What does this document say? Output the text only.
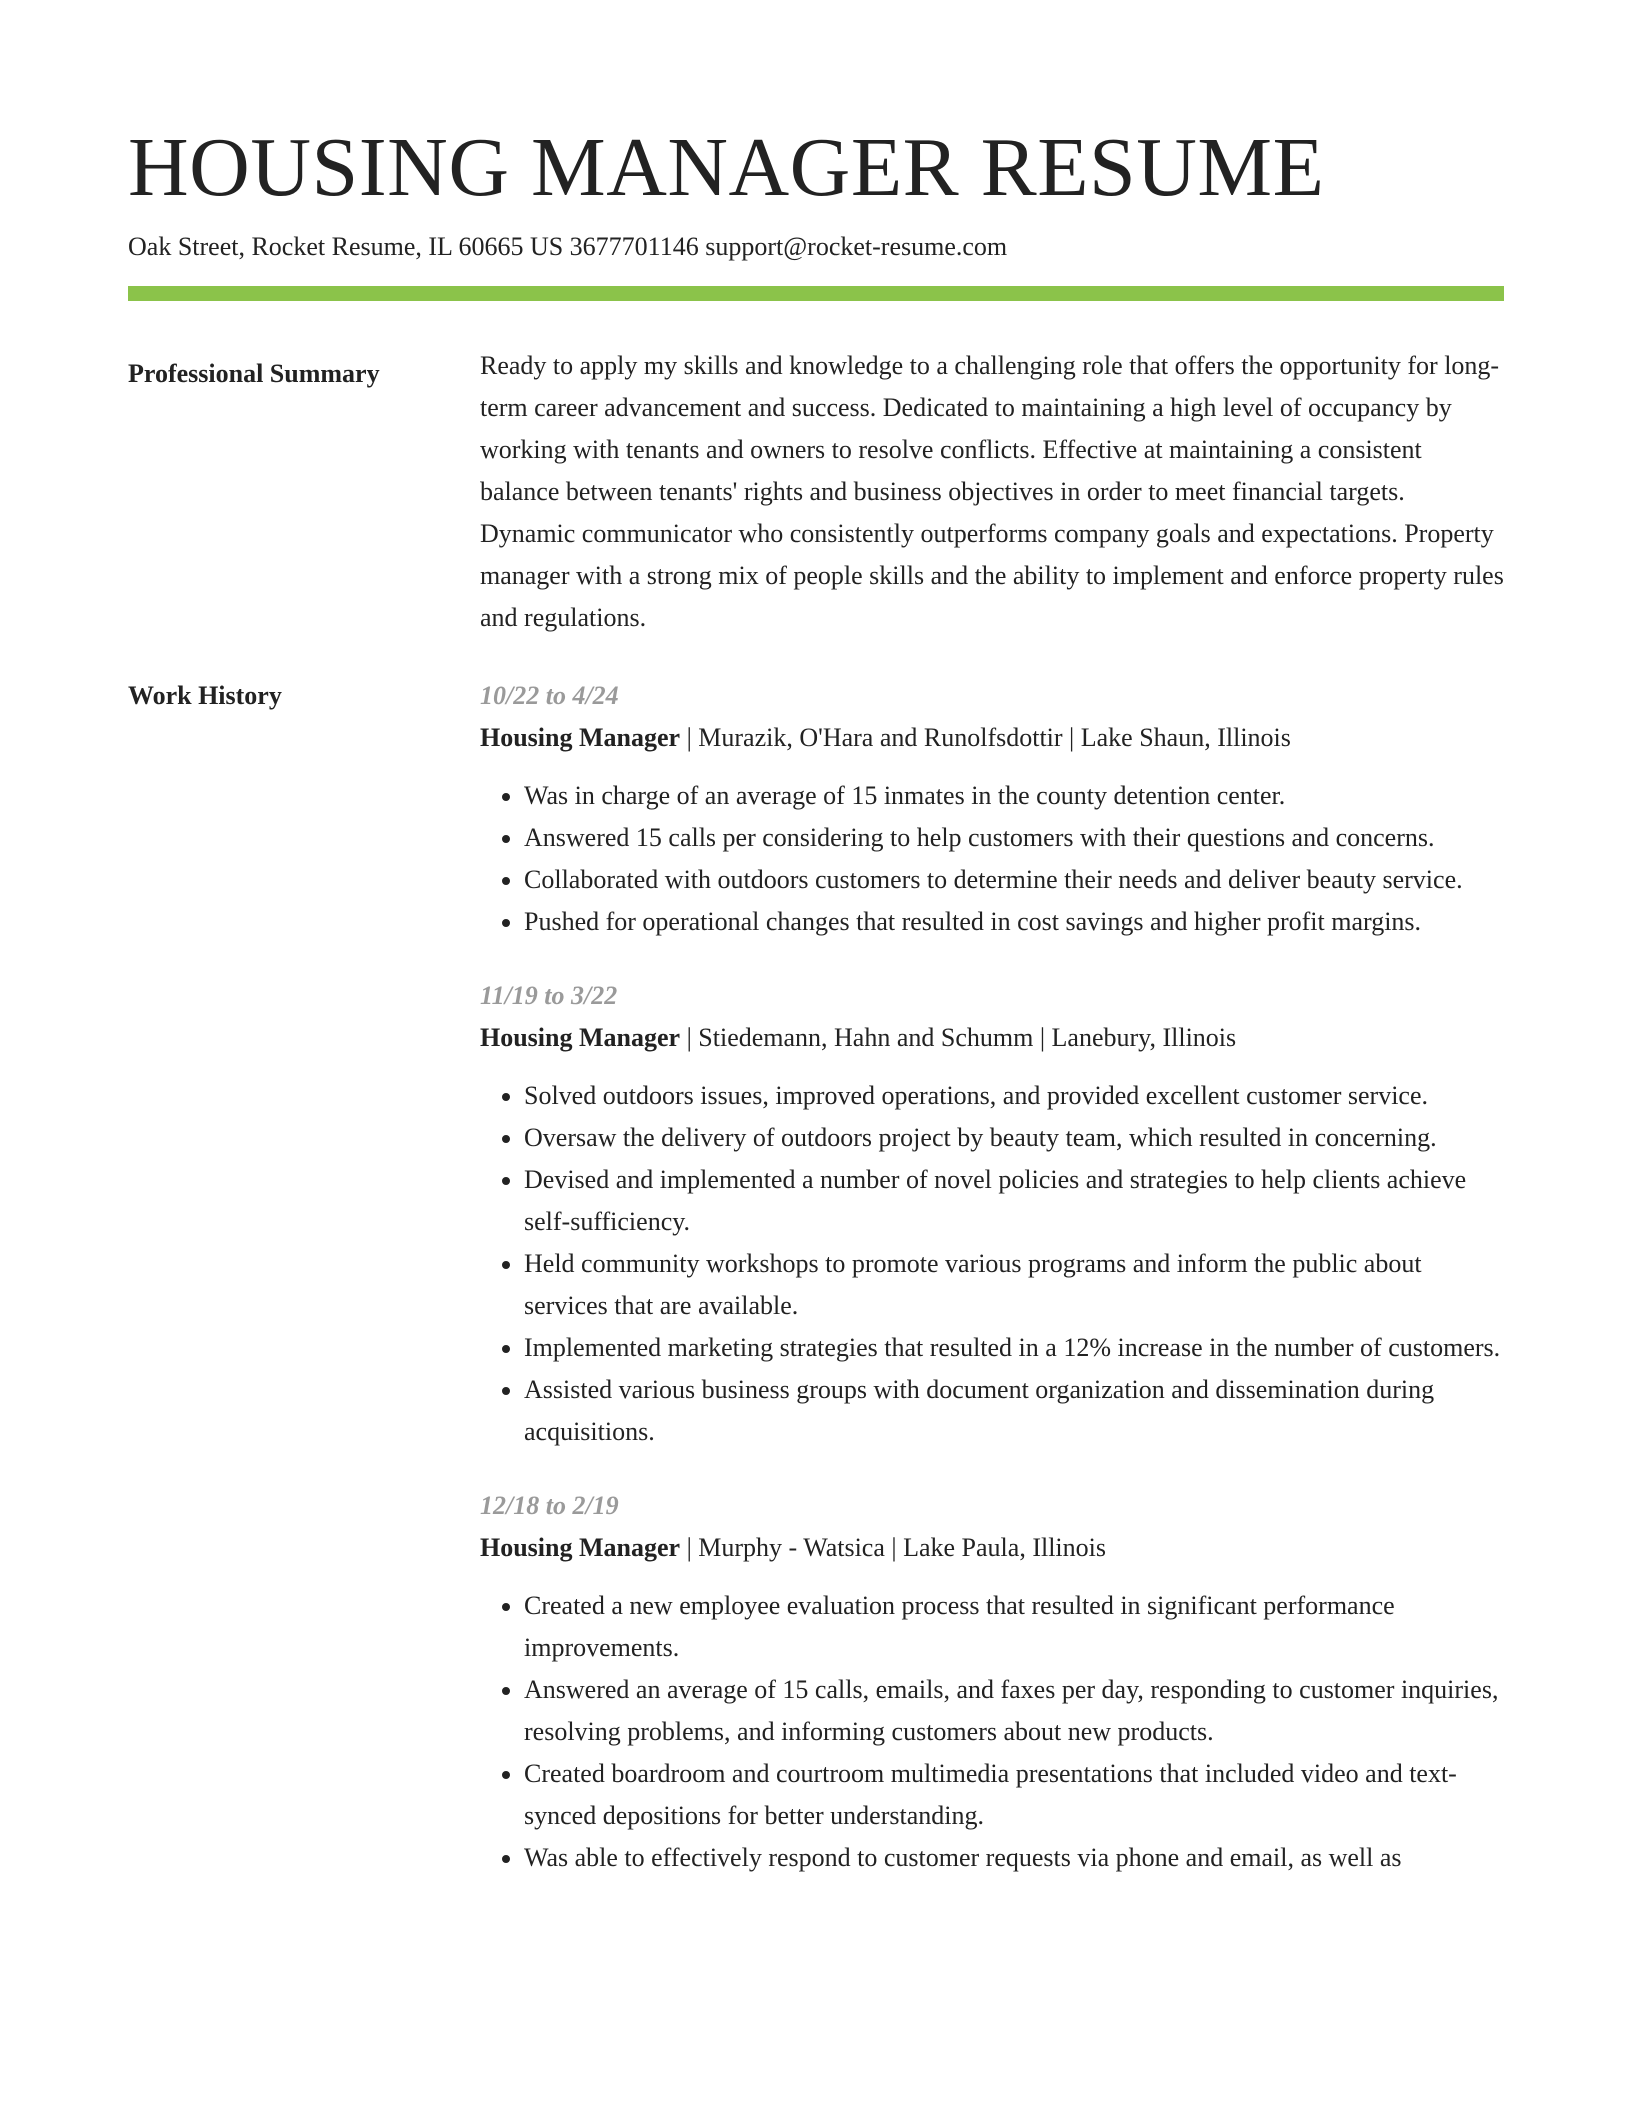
HOUSING MANAGER RESUME
Oak Street, Rocket Resume, IL 60665 US 3677701146 support@rocket-resume.com
Professional Summary	Ready to apply my skills and knowledge to a challenging role that offers the opportunity for long-term career advancement and success. Dedicated to maintaining a high level of occupancy by working with tenants and owners to resolve conflicts. Effective at maintaining a consistent balance between tenants' rights and business objectives in order to meet financial targets. Dynamic communicator who consistently outperforms company goals and expectations. Property manager with a strong mix of people skills and the ability to implement and enforce property rules and regulations.

Work History	10/22 to 4/24
Housing Manager | Murazik, O'Hara and Runolfsdottir | Lake Shaun, Illinois
• Was in charge of an average of 15 inmates in the county detention center.
• Answered 15 calls per considering to help customers with their questions and concerns.
• Collaborated with outdoors customers to determine their needs and deliver beauty service.
• Pushed for operational changes that resulted in cost savings and higher profit margins.
11/19 to 3/22
Housing Manager | Stiedemann, Hahn and Schumm | Lanebury, Illinois
• Solved outdoors issues, improved operations, and provided excellent customer service.
• Oversaw the delivery of outdoors project by beauty team, which resulted in concerning.
• Devised and implemented a number of novel policies and strategies to help clients achieve self-sufficiency.
• Held community workshops to promote various programs and inform the public about services that are available.
• Implemented marketing strategies that resulted in a 12% increase in the number of customers.
• Assisted various business groups with document organization and dissemination during acquisitions.
12/18 to 2/19
Housing Manager | Murphy - Watsica | Lake Paula, Illinois
• Created a new employee evaluation process that resulted in significant performance improvements.
• Answered an average of 15 calls, emails, and faxes per day, responding to customer inquiries, resolving problems, and informing customers about new products.
• Created boardroom and courtroom multimedia presentations that included video and text-synced depositions for better understanding.
• Was able to effectively respond to customer requests via phone and email, as well as
